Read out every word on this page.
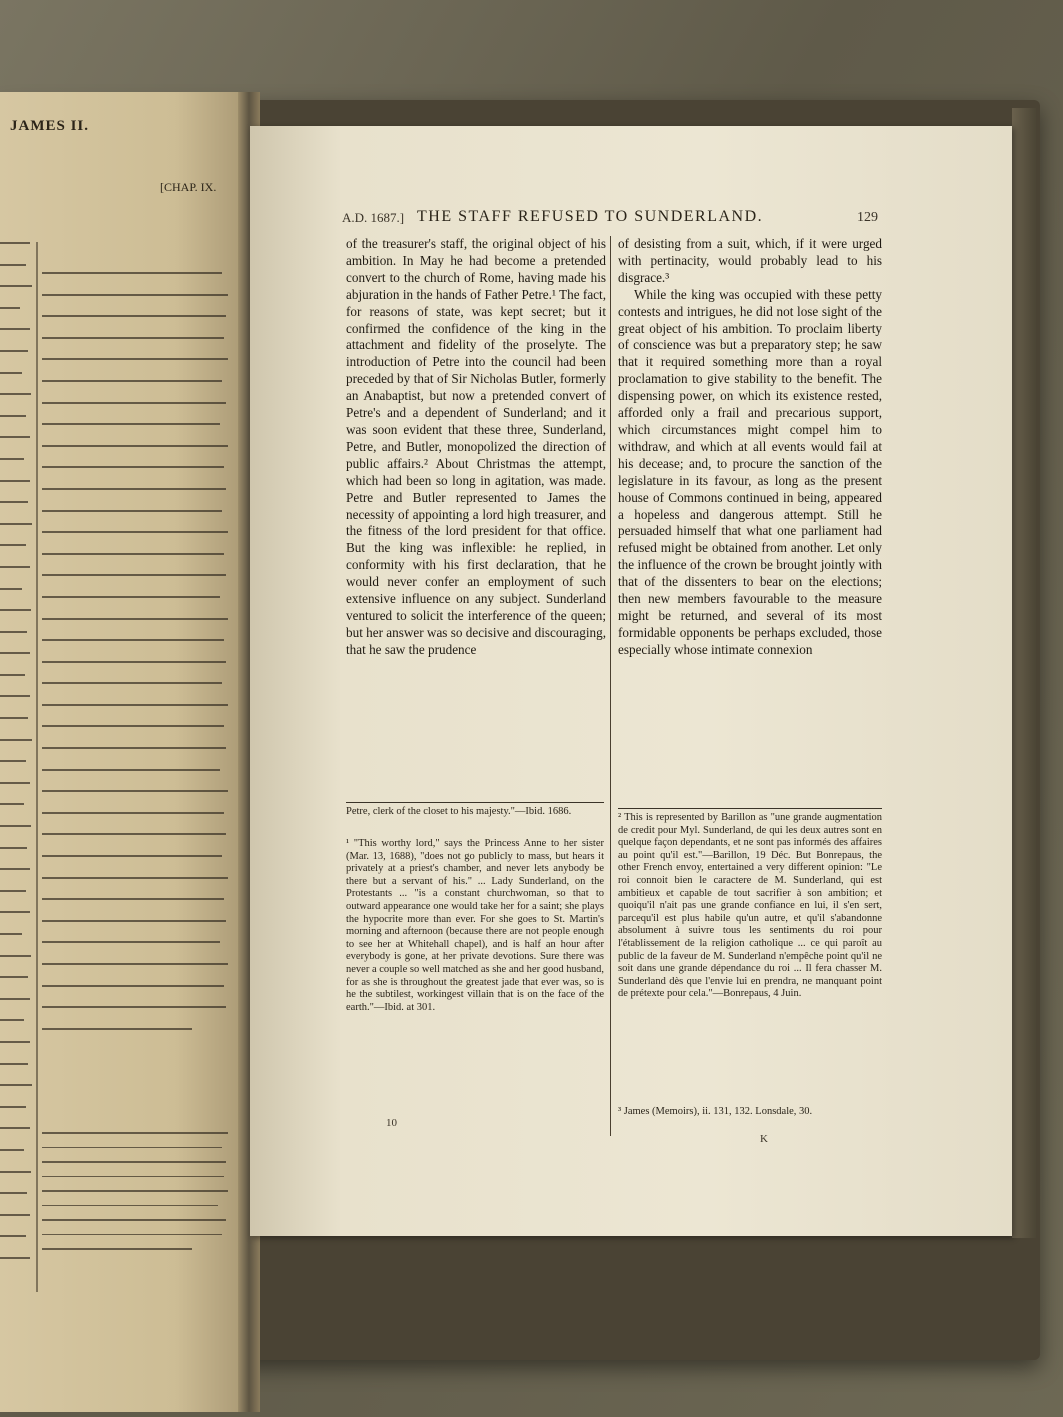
JAMES II.
[CHAP. IX.
A.D. 1687.] THE STAFF REFUSED TO SUNDERLAND.	129

of the treasurer's staff, the original object of his ambition. In May he had become a pretended convert to the church of Rome, having made his abjuration in the hands of Father Petre.¹ The fact, for reasons of state, was kept secret; but it confirmed the confidence of the king in the attachment and fidelity of the proselyte. The introduction of Petre into the council had been preceded by that of Sir Nicholas Butler, formerly an Anabaptist, but now a pretended convert of Petre's and a dependent of Sunderland; and it was soon evident that these three, Sunderland, Petre, and Butler, monopolized the direction of public affairs.² About Christmas the attempt, which had been so long in agitation, was made. Petre and Butler represented to James the necessity of appointing a lord high treasurer, and the fitness of the lord president for that office. But the king was inflexible: he replied, in conformity with his first declaration, that he would never confer an employment of such extensive influence on any subject. Sunderland ventured to solicit the interference of the queen; but her answer was so decisive and discouraging, that he saw the prudence

of desisting from a suit, which, if it were urged with pertinacity, would probably lead to his disgrace.³

While the king was occupied with these petty contests and intrigues, he did not lose sight of the great object of his ambition. To proclaim liberty of conscience was but a preparatory step; he saw that it required something more than a royal proclamation to give stability to the benefit. The dispensing power, on which its existence rested, afforded only a frail and precarious support, which circumstances might compel him to withdraw, and which at all events would fail at his decease; and, to procure the sanction of the legislature in its favour, as long as the present house of Commons continued in being, appeared a hopeless and dangerous attempt. Still he persuaded himself that what one parliament had refused might be obtained from another. Let only the influence of the crown be brought jointly with that of the dissenters to bear on the elections; then new members favourable to the measure might be returned, and several of its most formidable opponents be perhaps excluded, those especially whose intimate connexion

Petre, clerk of the closet to his majesty."—Ibid. 1686.

¹ "This worthy lord," says the Princess Anne to her sister (Mar. 13, 1688), "does not go publicly to mass, but hears it privately at a priest's chamber, and never lets anybody be there but a servant of his." ... Lady Sunderland, on the Protestants ... "is a constant churchwoman, so that to outward appearance one would take her for a saint; she plays the hypocrite more than ever. For she goes to St. Martin's morning and afternoon (because there are not people enough to see her at Whitehall chapel), and is half an hour after everybody is gone, at her private devotions. Sure there was never a couple so well matched as she and her good husband, for as she is throughout the greatest jade that ever was, so is he the subtilest, workingest villain that is on the face of the earth."—Ibid. at 301.

² This is represented by Barillon as "une grande augmentation de credit pour Myl. Sunderland, de qui les deux autres sont en quelque façon dependants, et ne sont pas informés des affaires au point qu'il est."—Barillon, 19 Déc. But Bonrepaus, the other French envoy, entertained a very different opinion: "Le roi connoit bien le caractere de M. Sunderland, qui est ambitieux et capable de tout sacrifier à son ambition; et quoiqu'il n'ait pas une grande confiance en lui, il s'en sert, parcequ'il est plus habile qu'un autre, et qu'il s'abandonne absolument à suivre tous les sentiments du roi pour l'établissement de la religion catholique ... ce qui paroît au public de la faveur de M. Sunderland n'empêche point qu'il ne soit dans une grande dépendance du roi ... Il fera chasser M. Sunderland dès que l'envie lui en prendra, ne manquant point de prétexte pour cela."—Bonrepaus, 4 Juin.

³ James (Memoirs), ii. 131, 132. Lonsdale, 30.

10
K
